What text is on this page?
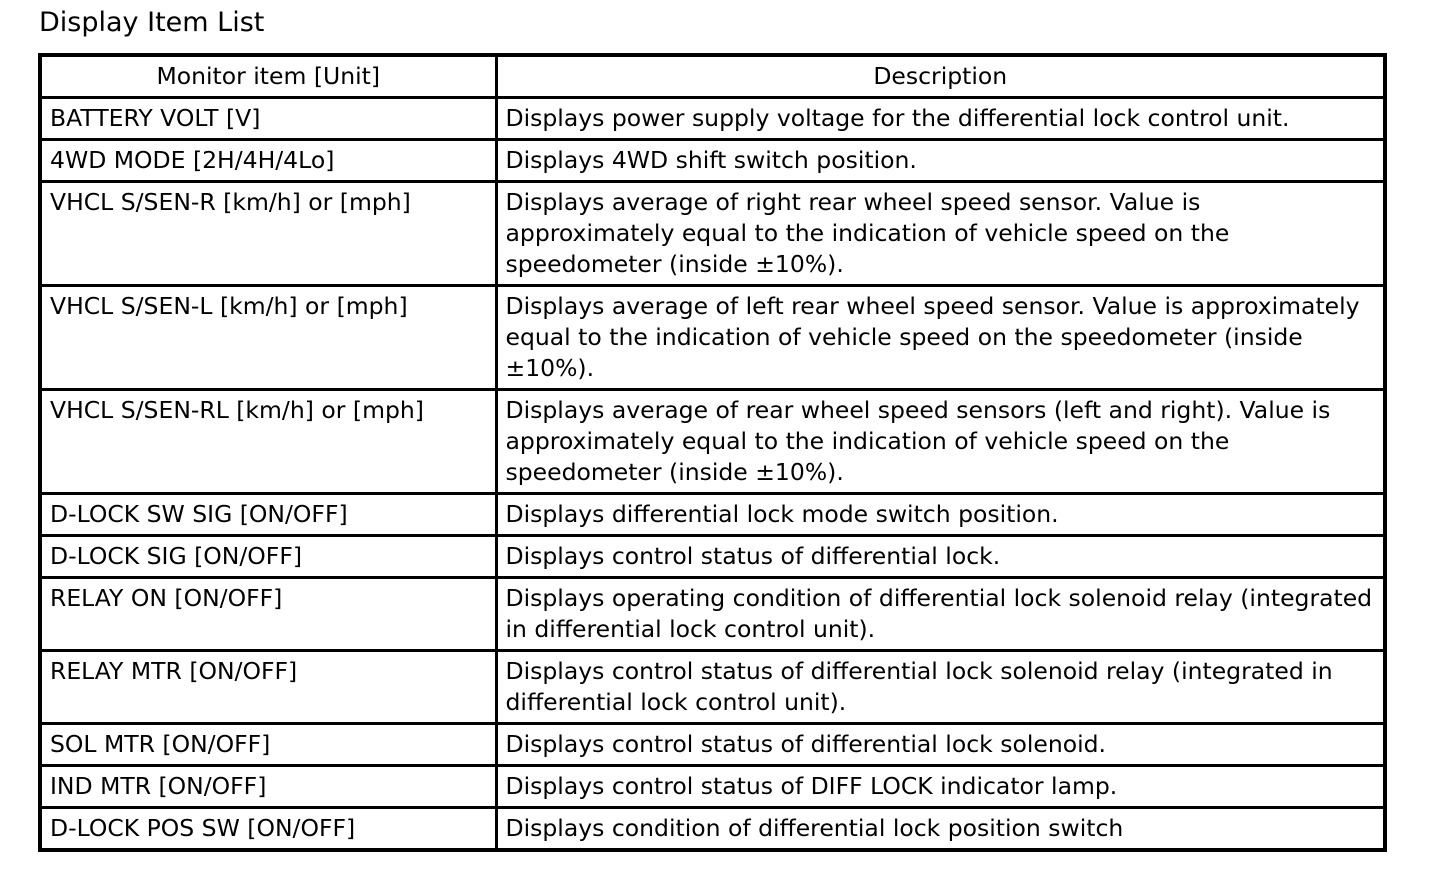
Display Item List
Monitor item [Unit]	Description
BATTERY VOLT [V]	Displays power supply voltage for the differential lock control unit.
4WD MODE [2H/4H/4Lo]	Displays 4WD shift switch position.
VHCL S/SEN-R [km/h] or [mph]	Displays average of right rear wheel speed sensor. Value is approximately equal to the indication of vehicle speed on the speedometer (inside ±10%).
VHCL S/SEN-L [km/h] or [mph]	Displays average of left rear wheel speed sensor. Value is approximately equal to the indication of vehicle speed on the speedometer (inside ±10%).
VHCL S/SEN-RL [km/h] or [mph]	Displays average of rear wheel speed sensors (left and right). Value is approximately equal to the indication of vehicle speed on the speedometer (inside ±10%).
D-LOCK SW SIG [ON/OFF]	Displays differential lock mode switch position.
D-LOCK SIG [ON/OFF]	Displays control status of differential lock.
RELAY ON [ON/OFF]	Displays operating condition of differential lock solenoid relay (integrated in differential lock control unit).
RELAY MTR [ON/OFF]	Displays control status of differential lock solenoid relay (integrated in differential lock control unit).
SOL MTR [ON/OFF]	Displays control status of differential lock solenoid.
IND MTR [ON/OFF]	Displays control status of DIFF LOCK indicator lamp.
D-LOCK POS SW [ON/OFF]	Displays condition of differential lock position switch
